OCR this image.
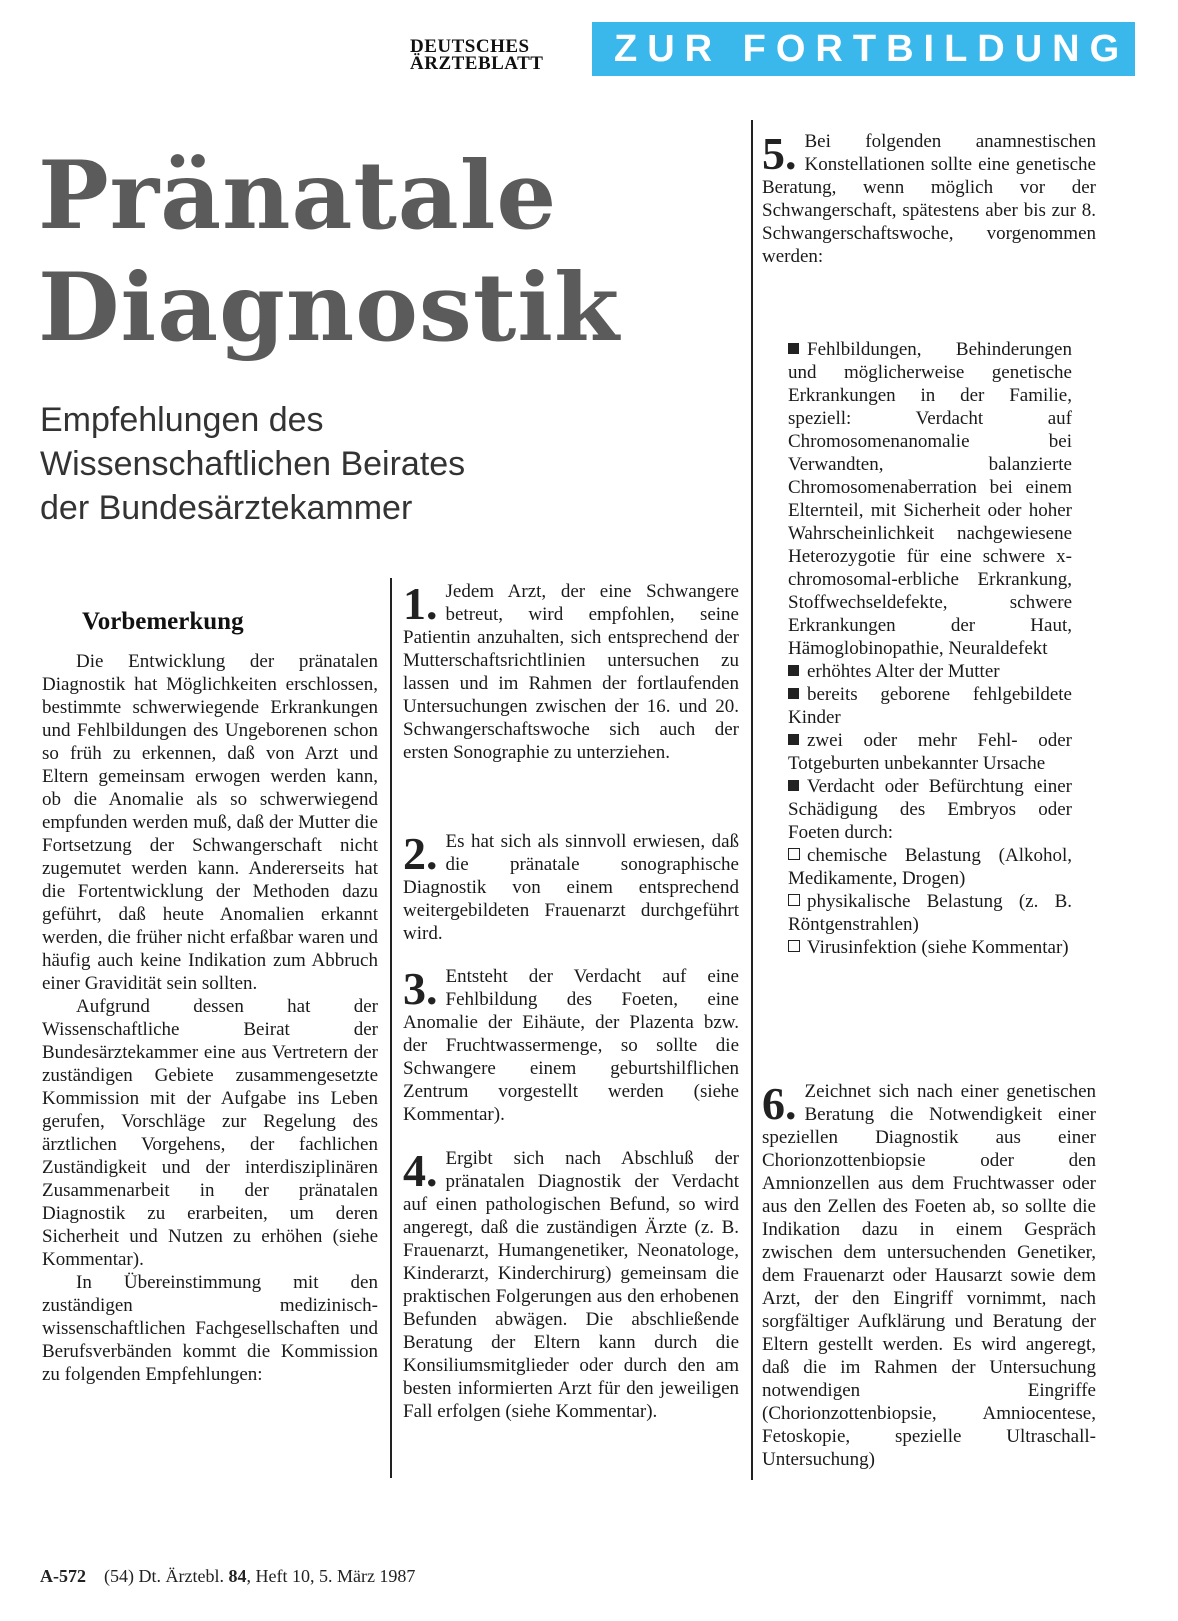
DEUTSCHES
ÄRZTEBLATT	ZUR FORTBILDUNG
Pränatale
Diagnostik
Empfehlungen des
Wissenschaftlichen Beirates
der Bundesärztekammer
Vorbemerkung

Die Entwicklung der pränatalen Diagnostik hat Möglichkeiten erschlossen, bestimmte schwerwiegende Erkrankungen und Fehlbildungen des Ungeborenen schon so früh zu erkennen, daß von Arzt und Eltern gemeinsam erwogen werden kann, ob die Anomalie als so schwerwiegend empfunden werden muß, daß der Mutter die Fortsetzung der Schwangerschaft nicht zugemutet werden kann. Andererseits hat die Fortentwicklung der Methoden dazu geführt, daß heute Anomalien erkannt werden, die früher nicht erfaßbar waren und häufig auch keine Indikation zum Abbruch einer Gravidität sein sollten.

Aufgrund dessen hat der Wissenschaftliche Beirat der Bundesärztekammer eine aus Vertretern der zuständigen Gebiete zusammengesetzte Kommission mit der Aufgabe ins Leben gerufen, Vorschläge zur Regelung des ärztlichen Vorgehens, der fachlichen Zuständigkeit und der interdisziplinären Zusammenarbeit in der pränatalen Diagnostik zu erarbeiten, um deren Sicherheit und Nutzen zu erhöhen (siehe Kommentar).

In Übereinstimmung mit den zuständigen medizinisch-wissenschaftlichen Fachgesellschaften und Berufsverbänden kommt die Kommission zu folgenden Empfehlungen:

1. Jedem Arzt, der eine Schwangere betreut, wird empfohlen, seine Patientin anzuhalten, sich entsprechend der Mutterschaftsrichtlinien untersuchen zu lassen und im Rahmen der fortlaufenden Untersuchungen zwischen der 16. und 20. Schwangerschaftswoche sich auch der ersten Sonographie zu unterziehen.
2. Es hat sich als sinnvoll erwiesen, daß die pränatale sonographische Diagnostik von einem entsprechend weitergebildeten Frauenarzt durchgeführt wird.
3. Entsteht der Verdacht auf eine Fehlbildung des Foeten, eine Anomalie der Eihäute, der Plazenta bzw. der Fruchtwassermenge, so sollte die Schwangere einem geburtshilflichen Zentrum vorgestellt werden (siehe Kommentar).
4. Ergibt sich nach Abschluß der pränatalen Diagnostik der Verdacht auf einen pathologischen Befund, so wird angeregt, daß die zuständigen Ärzte (z. B. Frauenarzt, Humangenetiker, Neonatologe, Kinderarzt, Kinderchirurg) gemeinsam die praktischen Folgerungen aus den erhobenen Befunden abwägen. Die abschließende Beratung der Eltern kann durch die Konsiliumsmitglieder oder durch den am besten informierten Arzt für den jeweiligen Fall erfolgen (siehe Kommentar).
5. Bei folgenden anamnestischen Konstellationen sollte eine genetische Beratung, wenn möglich vor der Schwangerschaft, spätestens aber bis zur 8. Schwangerschaftswoche, vorgenommen werden:

Fehlbildungen, Behinderungen und möglicherweise genetische Erkrankungen in der Familie, speziell: Verdacht auf Chromosomenanomalie bei Verwandten, balanzierte Chromosomenaberration bei einem Elternteil, mit Sicherheit oder hoher Wahrscheinlichkeit nachgewiesene Heterozygotie für eine schwere x-chromosomal-erbliche Erkrankung, Stoffwechseldefekte, schwere Erkrankungen der Haut, Hämoglobinopathie, Neuraldefekt

erhöhtes Alter der Mutter

bereits geborene fehlgebildete Kinder

zwei oder mehr Fehl- oder Totgeburten unbekannter Ursache

Verdacht oder Befürchtung einer Schädigung des Embryos oder Foeten durch:

chemische Belastung (Alkohol, Medikamente, Drogen)

physikalische Belastung (z. B. Röntgenstrahlen)

Virusinfektion (siehe Kommentar)

6. Zeichnet sich nach einer genetischen Beratung die Notwendigkeit einer speziellen Diagnostik aus einer Chorionzottenbiopsie oder den Amnionzellen aus dem Fruchtwasser oder aus den Zellen des Foeten ab, so sollte die Indikation dazu in einem Gespräch zwischen dem untersuchenden Genetiker, dem Frauenarzt oder Hausarzt sowie dem Arzt, der den Eingriff vornimmt, nach sorgfältiger Aufklärung und Beratung der Eltern gestellt werden. Es wird angeregt, daß die im Rahmen der Untersuchung notwendigen Eingriffe (Chorionzottenbiopsie, Amniocentese, Fetoskopie, spezielle Ultraschall-Untersuchung)
A-572 (54) Dt. Ärztebl. 84, Heft 10, 5. März 1987
